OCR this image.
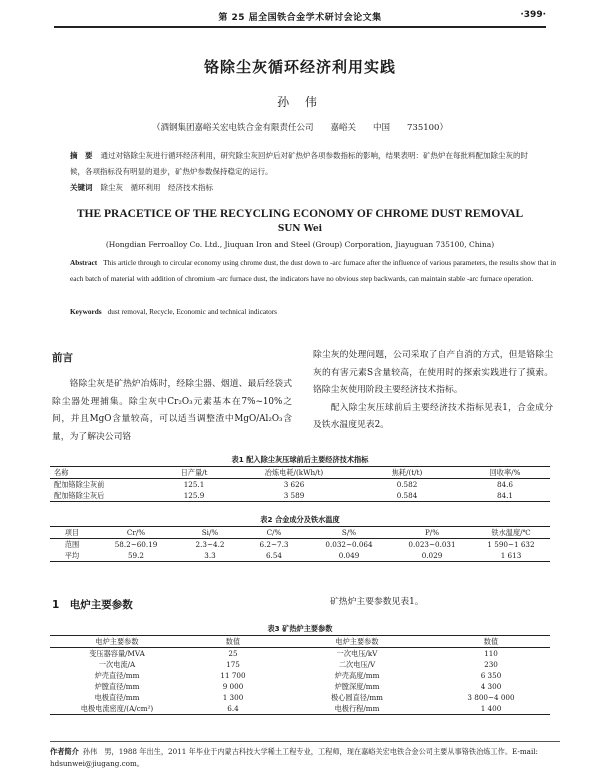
第 25 届全国铁合金学术研讨会论文集	·399·
铬除尘灰循环经济利用实践
孙 伟
（酒钢集团嘉峪关宏电铁合金有限责任公司　　嘉峪关　　中国　　735100）
摘　要 通过对铬除尘灰进行循环经济利用，研究除尘灰回炉后对矿热炉各项参数指标的影响，结果表明：矿热炉在每批料配加除尘灰的时候，各项指标没有明显的退步，矿热炉参数保持稳定的运行。
关键词 除尘灰　循环利用　经济技术指标
THE PRACETICE OF THE RECYCLING ECONOMY OF CHROME DUST REMOVAL
SUN Wei
(Hongdian Ferroalloy Co. Ltd., Jiuquan Iron and Steel (Group) Corporation, Jiayuguan 735100, China)
Abstract This article through to circular economy using chrome dust, the dust down to -arc furnace after the influence of various parameters, the results show that in each batch of material with addition of chromium -arc furnace dust, the indicators have no obvious step backwards, can maintain stable -arc furnace operation.
Keywords dust removal, Recycle, Economic and technical indicators
前言
铬除尘灰是矿热炉冶炼时，经除尘器、烟道、最后经袋式除尘器处理捕集。除尘灰中Cr₂O₃元素基本在7%~10%之间，并且MgO含量较高，可以适当调整渣中MgO/Al₂O₃含量，为了解决公司铬
除尘灰的处理问题，公司采取了自产自消的方式，但是铬除尘灰的有害元素S含量较高，在使用时的探索实践进行了摸索。铬除尘灰使用阶段主要经济技术指标。
配入除尘灰压球前后主要经济技术指标见表1，合金成分及铁水温度见表2。
表1 配入除尘灰压球前后主要经济技术指标
名称	日产量/t	冶炼电耗/(kWh/t)	焦耗/(t/t)	回收率/%
配加铬除尘灰前	125.1	3 626	0.582	84.6
配加铬除尘灰后	125.9	3 589	0.584	84.1
表2 合金成分及铁水温度
项目	Cr/%	Si/%	C/%	S/%	P/%	铁水温度/℃
范围	58.2~60.19	2.3~4.2	6.2~7.3	0.032~0.064	0.023~0.031	1 590~1 632
平均	59.2	3.3	6.54	0.049	0.029	1 613
1　电炉主要参数	矿热炉主要参数见表1。
表3 矿热炉主要参数
电炉主要参数	数值	电炉主要参数	数值
变压器容量/MVA	25	一次电压/kV	110
一次电流/A	175	二次电压/V	230
炉壳直径/mm	11 700	炉壳高度/mm	6 350
炉膛直径/mm	9 000	炉膛深度/mm	4 300
电极直径/mm	1 300	极心圆直径/mm	3 800~4 000
电极电流密度/(A/cm²)	6.4	电极行程/mm	1 400
作者简介 孙伟　男，1988 年出生，2011 年毕业于内蒙古科技大学稀土工程专业，工程师，现在嘉峪关宏电铁合金公司主要从事铬铁冶炼工作。E-mail: hdsunwei@jiugang.com。
